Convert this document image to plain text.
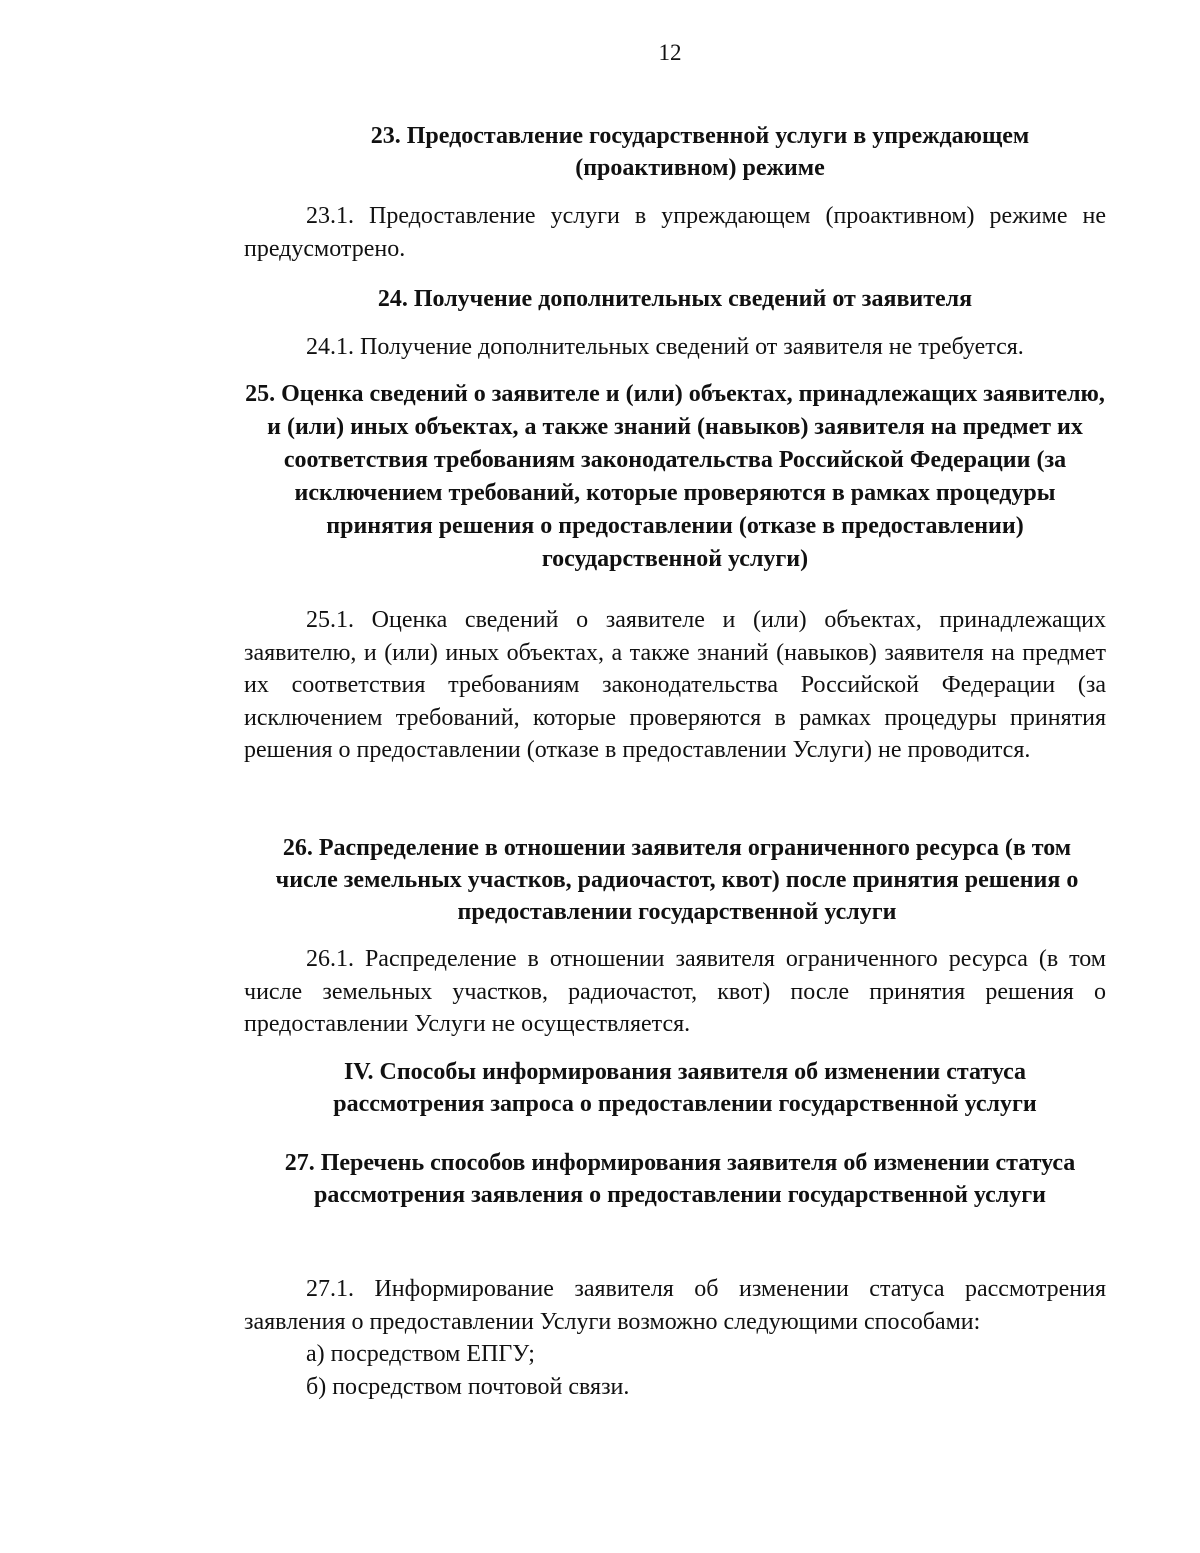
12

23. Предоставление государственной услуги в упреждающем (проактивном) режиме

23.1. Предоставление услуги в упреждающем (проактивном) режиме не предусмотрено.

24. Получение дополнительных сведений от заявителя

24.1. Получение дополнительных сведений от заявителя не требуется.

25. Оценка сведений о заявителе и (или) объектах, принадлежащих заявителю, и (или) иных объектах, а также знаний (навыков) заявителя на предмет их соответствия требованиям законодательства Российской Федерации (за исключением требований, которые проверяются в рамках процедуры принятия решения о предоставлении (отказе в предоставлении) государственной услуги)

25.1. Оценка сведений о заявителе и (или) объектах, принадлежащих заявителю, и (или) иных объектах, а также знаний (навыков) заявителя на предмет их соответствия требованиям законодательства Российской Федерации (за исключением требований, которые проверяются в рамках процедуры принятия решения о предоставлении (отказе в предоставлении Услуги) не проводится.

26. Распределение в отношении заявителя ограниченного ресурса (в том числе земельных участков, радиочастот, квот) после принятия решения о предоставлении государственной услуги

26.1. Распределение в отношении заявителя ограниченного ресурса (в том числе земельных участков, радиочастот, квот) после принятия решения о предоставлении Услуги не осуществляется.

IV. Способы информирования заявителя об изменении статуса рассмотрения запроса о предоставлении государственной услуги

27. Перечень способов информирования заявителя об изменении статуса рассмотрения заявления о предоставлении государственной услуги

27.1. Информирование заявителя об изменении статуса рассмотрения заявления о предоставлении Услуги возможно следующими способами:

а) посредством ЕПГУ;

б) посредством почтовой связи.
